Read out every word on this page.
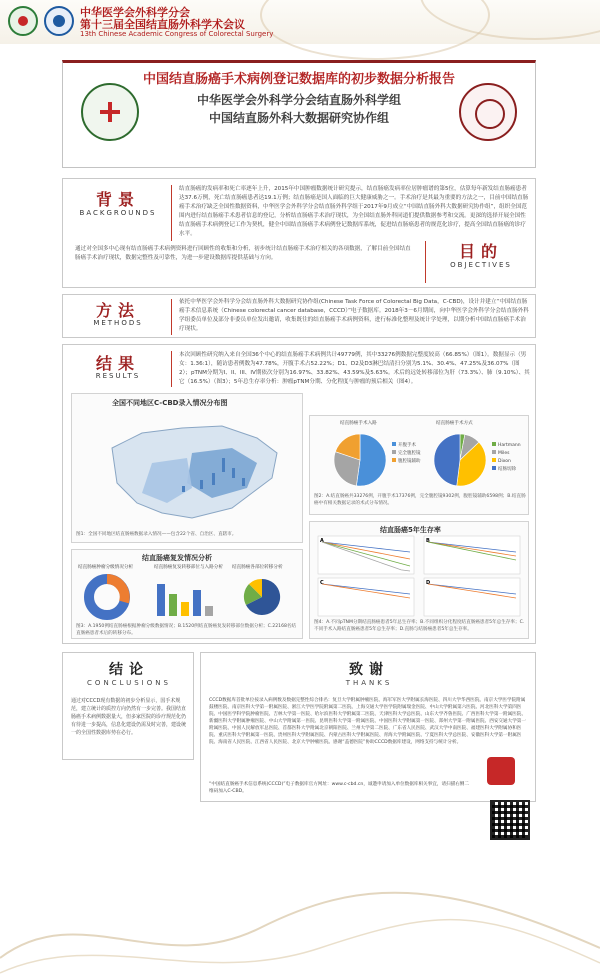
中华医学会外科学分会
第十三届全国结直肠外科学术会议
13th Chinese Academic Congress of Colorectal Surgery
中国结直肠癌手术病例登记数据库的初步数据分析报告
中华医学会外科学分会结直肠外科学组
中国结直肠外科大数据研究协作组
背景
BACKGROUNDS
结直肠癌的发病率和死亡率逐年上升，2015年中国肿瘤数据统计研究提示，结直肠癌发病率位居肿瘤谱的第5位，估算每年新发结直肠癌患者达37.6万例，死亡结直肠癌患者达19.1万例；结直肠癌是国人面临的巨大健康威胁之一。手术治疗是其最为重要的方法之一，目前中国结直肠癌手术治疗缺乏全国性数据资料，中华医学会外科学分会结直肠外科学组于2017年9月成立“中国结直肠外科大数据研究协作组”，组织全国范围内进行结直肠癌手术患者信息的登记，分析结直肠癌手术治疗现状，为全国结直肠外科同道们提供数据参考和交流。更深的选择开展全国性结直肠癌手术病例登记工作为契机，健全中国结直肠癌手术病例登记数据库系统，促进结直肠癌患者的规范化诊疗，提高全国结直肠癌的诊疗水平。
通过对全国多中心现有结直肠癌手术病例资料进行回顾性的收集和分析，初步统计结直肠癌手术治疗相关的各项数据，了解目前全国结直肠癌手术治疗现状，数据完整性及可靠性，为进一步建设数据库提供基础与方向。	目的
OBJECTIVES
方法
METHODS
依托中华医学会外科学分会结直肠外科大数据研究协作组(Chinese Task Force of Colorectal Big Data，C-CBD)，设计并建立“中国结直肠癌手术信息系统（Chinese colorectal cancer database，CCCD）”电子数据库。2018年3－6月期间，向中华医学会外科学分会结直肠外科学组委员单位及部分非委员单位发出邀请，收集既往的结直肠癌手术病例资料，进行标准化整理及统计学处理，以期分析中国结直肠癌手术治疗现状。
结果
RESULTS
本次回顾性研究纳入来自全国36个中心的结直肠癌手术病例共计49779例，其中33276例数据完整度较高（66.85%）（图1）。数据显示（男女：1.36:1），随访患者例数为47.78%，开腹手术占52.22%；D1、D2及D3淋巴结清扫分别为5.1%、30.4%、47.25%及36.07%（图2）；pTNM分期为I、II、III、IV期依次分别为16.97%、33.82%、43.59%及5.63%。术后的远处转移部位为肝（73.3%）、肺（9.10%）、其它（16.5%）（图3）；5年总生存率分析：肿瘤pTNM分期、分化程度与肿瘤的预后相关（图4）。
全国不同地区C-CBD录入情况分布图
图1：全国不同地区结直肠癌数据录入情况——包含22个省、自治区、直辖市。
结直肠癌手术入路	结直肠癌手术方式
开腹手术
完全腹腔镜
腹腔镜辅助
Hartmann
Miles
Dixon
结肠切除
图2：A.结直肠癌共33276例，开腹手术17376例，完全腹腔镜9302例，腹腔镜辅助6598例；B.结直肠癌中有相关数据记录的术式分布情况。
结直肠癌复发情况分析
结直肠癌肿瘤分级情况分析	结直肠癌复发转移部位与入路分析 结直肠癌各部位转移分析
图3：A.1950例结直肠癌根据肿瘤分级数据情况；B.1520例结直肠癌复发转移部位数据分析；C.22168名结直肠癌患者术后的转移分布。
结直肠癌5年生存率
A	B
C	D
图4：A.不同pTNM分期结直肠癌患者5年总生存率；B.不同组织分化程度结直肠癌患者5年总生存率；C.不同手术入路结直肠癌患者5年总生存率；D.直肠与结肠癌患者5年总生存率。
结论
CONCLUSIONS
通过对CCCD现有数据的初步分析显示，国手术规范，建立统计的质控方向仍然有一步完善。我国结直肠癌手术病例数据量大，但多家医院的诊疗规范化仍有待进一步提高，信息化建设仍需及时完善，建设统一的全国性数据库势在必行。
致谢
THANKS
CCCD数据库首批单位按录入病例数及数据完整性综合排名：复旦大学附属肿瘤医院、海军军医大学附属长海医院、四川大学华西医院、南京大学医学院附属鼓楼医院、南京医科大学第一附属医院、浙江大学医学院附属第二医院、上海交通大学医学院附属瑞金医院、中山大学附属第六医院、河北医科大学第四医院、中国医学科学院肿瘤医院、吉林大学第一医院、哈尔滨医科大学附属第二医院、天津医科大学总医院、山东大学齐鲁医院、广西医科大学第一附属医院、新疆医科大学附属肿瘤医院、中山大学附属第一医院、昆明医科大学第一附属医院、中国医科大学附属第一医院、郑州大学第一附属医院、西安交通大学第一附属医院、中国人民解放军总医院、首都医科大学附属北京朝阳医院、兰州大学第二医院、广东省人民医院、武汉大学中南医院、福建医科大学附属协和医院、重庆医科大学附属第一医院、贵州医科大学附属医院、内蒙古医科大学附属医院、青海大学附属医院、宁夏医科大学总医院、安徽医科大学第一附属医院、海南省人民医院、江西省人民医院、北京大学肿瘤医院。感谢“盖德医院”协助CCCD数据库建设，网络支持与统计分析。
“中国结直肠癌手术信息系统(CCCD)”电子数据库官方网址：www.c-cbd.cn，诚邀申请加入单位数据库相关事宜，请扫描右侧二维码加入C-CBD。
